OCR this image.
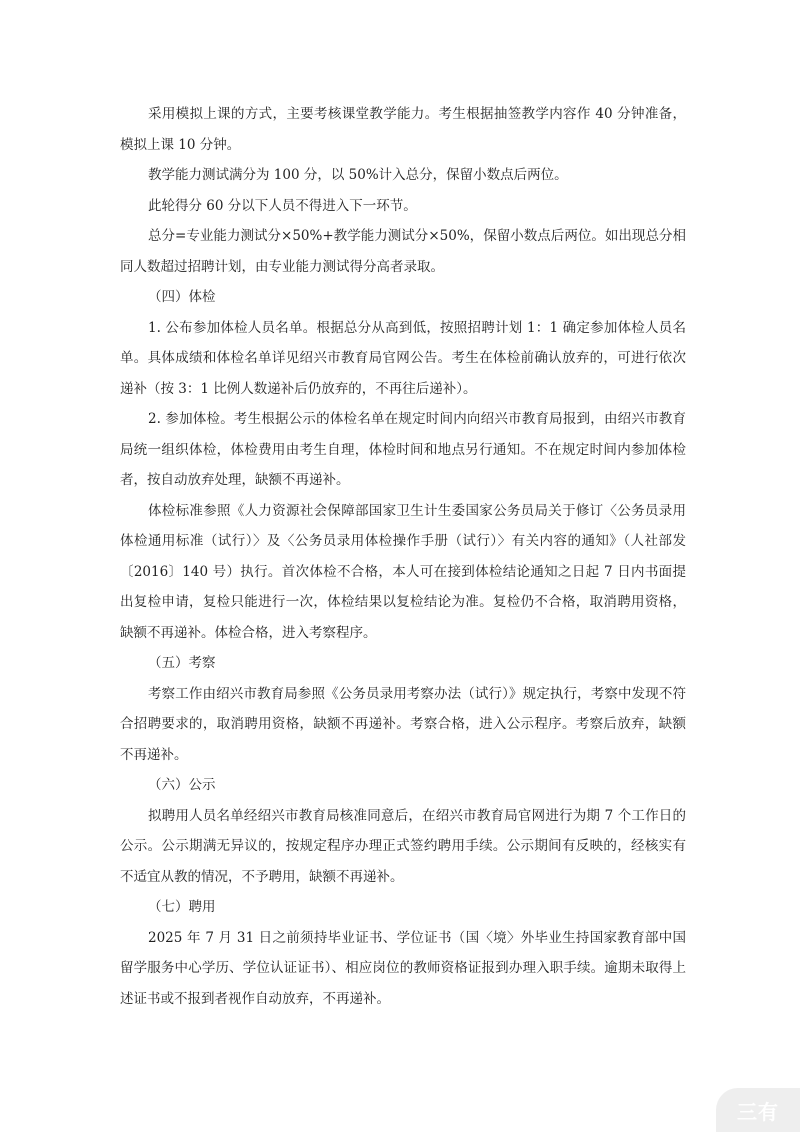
采用模拟上课的方式，主要考核课堂教学能力。考生根据抽签教学内容作 40 分钟准备，模拟上课 10 分钟。

教学能力测试满分为 100 分，以 50%计入总分，保留小数点后两位。

此轮得分 60 分以下人员不得进入下一环节。

总分=专业能力测试分×50%+教学能力测试分×50%，保留小数点后两位。如出现总分相同人数超过招聘计划，由专业能力测试得分高者录取。

（四）体检

1. 公布参加体检人员名单。根据总分从高到低，按照招聘计划 1：1 确定参加体检人员名单。具体成绩和体检名单详见绍兴市教育局官网公告。考生在体检前确认放弃的，可进行依次递补（按 3：1 比例人数递补后仍放弃的，不再往后递补）。

2. 参加体检。考生根据公示的体检名单在规定时间内向绍兴市教育局报到，由绍兴市教育局统一组织体检，体检费用由考生自理，体检时间和地点另行通知。不在规定时间内参加体检者，按自动放弃处理，缺额不再递补。

体检标准参照《人力资源社会保障部国家卫生计生委国家公务员局关于修订〈公务员录用体检通用标准（试行）〉及〈公务员录用体检操作手册（试行）〉有关内容的通知》（人社部发〔2016〕140 号）执行。首次体检不合格，本人可在接到体检结论通知之日起 7 日内书面提出复检申请，复检只能进行一次，体检结果以复检结论为准。复检仍不合格，取消聘用资格，缺额不再递补。体检合格，进入考察程序。

（五）考察

考察工作由绍兴市教育局参照《公务员录用考察办法（试行）》规定执行，考察中发现不符合招聘要求的，取消聘用资格，缺额不再递补。考察合格，进入公示程序。考察后放弃，缺额不再递补。

（六）公示

拟聘用人员名单经绍兴市教育局核准同意后，在绍兴市教育局官网进行为期 7 个工作日的公示。公示期满无异议的，按规定程序办理正式签约聘用手续。公示期间有反映的，经核实有不适宜从教的情况，不予聘用，缺额不再递补。

（七）聘用

2025 年 7 月 31 日之前须持毕业证书、学位证书（国〈境〉外毕业生持国家教育部中国留学服务中心学历、学位认证证书）、相应岗位的教师资格证报到办理入职手续。逾期未取得上述证书或不报到者视作自动放弃，不再递补。

三有
